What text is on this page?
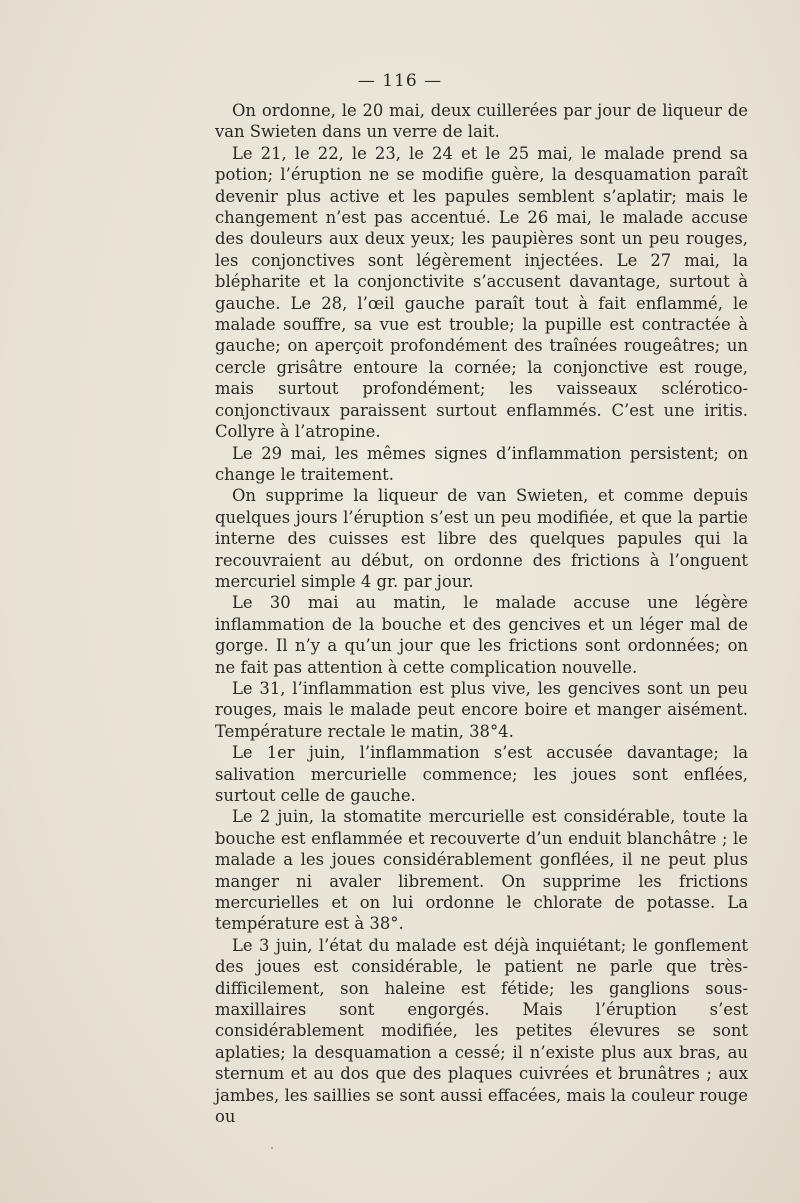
— 116 —

On ordonne, le 20 mai, deux cuillerées par jour de liqueur de van Swieten dans un verre de lait.

Le 21, le 22, le 23, le 24 et le 25 mai, le malade prend sa potion; l’éruption ne se modifie guère, la desquamation paraît devenir plus active et les papules semblent s’aplatir; mais le changement n’est pas accentué. Le 26 mai, le malade accuse des douleurs aux deux yeux; les paupières sont un peu rouges, les conjonctives sont légèrement injectées. Le 27 mai, la blépharite et la conjonctivite s’accusent davantage, surtout à gauche. Le 28, l’œil gauche paraît tout à fait enflammé, le malade souffre, sa vue est trouble; la pupille est contractée à gauche; on aperçoit profondément des traînées rougeâtres; un cercle grisâtre entoure la cornée; la conjonctive est rouge, mais surtout profondément; les vaisseaux sclérotico-conjonctivaux paraissent surtout enflammés. C’est une iritis. Collyre à l’atropine.

Le 29 mai, les mêmes signes d’inflammation persistent; on change le traitement.

On supprime la liqueur de van Swieten, et comme depuis quelques jours l’éruption s’est un peu modifiée, et que la partie interne des cuisses est libre des quelques papules qui la recouvraient au début, on ordonne des frictions à l’onguent mercuriel simple 4 gr. par jour.

Le 30 mai au matin, le malade accuse une légère inflammation de la bouche et des gencives et un léger mal de gorge. Il n’y a qu’un jour que les frictions sont ordonnées; on ne fait pas attention à cette complication nouvelle.

Le 31, l’inflammation est plus vive, les gencives sont un peu rouges, mais le malade peut encore boire et manger aisément. Température rectale le matin, 38°4.

Le 1er juin, l’inflammation s’est accusée davantage; la salivation mercurielle commence; les joues sont enflées, surtout celle de gauche.

Le 2 juin, la stomatite mercurielle est considérable, toute la bouche est enflammée et recouverte d’un enduit blanchâtre ; le malade a les joues considérablement gonflées, il ne peut plus manger ni avaler librement. On supprime les frictions mercurielles et on lui ordonne le chlorate de potasse. La température est à 38°.

Le 3 juin, l’état du malade est déjà inquiétant; le gonflement des joues est considérable, le patient ne parle que très-difficilement, son haleine est fétide; les ganglions sous-maxillaires sont engorgés. Mais l’éruption s’est considérablement modifiée, les petites élevures se sont aplaties; la desquamation a cessé; il n’existe plus aux bras, au sternum et au dos que des plaques cuivrées et brunâtres ; aux jambes, les saillies se sont aussi effacées, mais la couleur rouge ou
